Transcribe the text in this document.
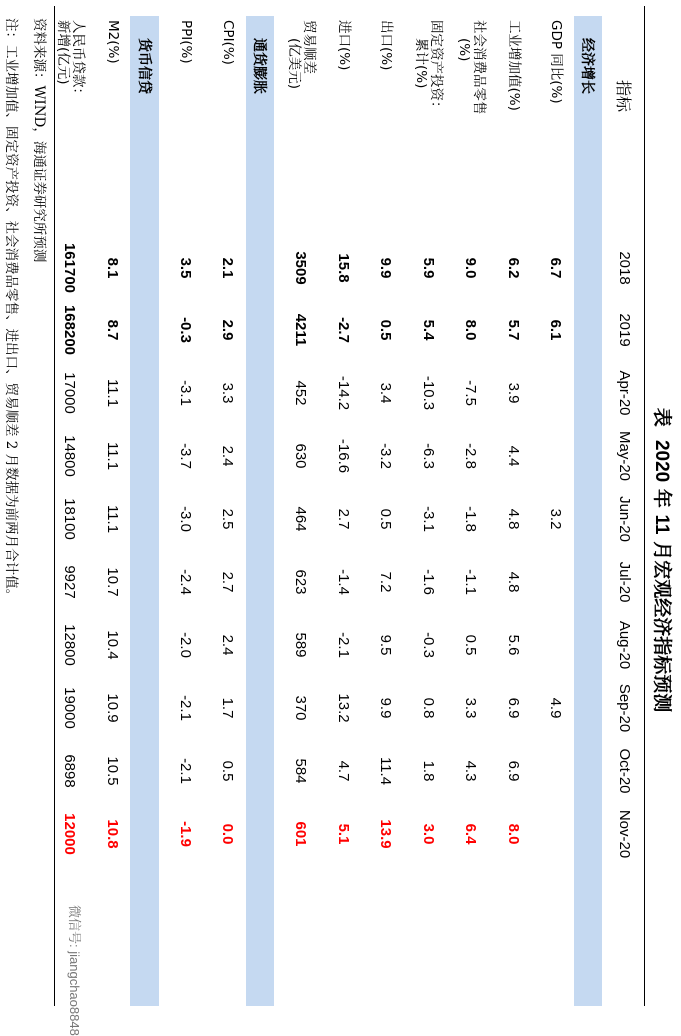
表  2020 年 11 月宏观经济指标预测
指标
2018
2019
Apr-20
May-20
Jun-20
Jul-20
Aug-20
Sep-20
Oct-20
Nov-20
经济增长
GDP 同比(%)
6.7
6.1
3.2
4.9
工业增加值(%)
6.2
5.7
3.9
4.4
4.8
4.8
5.6
6.9
6.9
8.0
社会消费品零售
(%)
9.0
8.0
-7.5
-2.8
-1.8
-1.1
0.5
3.3
4.3
6.4
固定资产投资：
累计(%)
5.9
5.4
-10.3
-6.3
-3.1
-1.6
-0.3
0.8
1.8
3.0
出口(%)
9.9
0.5
3.4
-3.2
0.5
7.2
9.5
9.9
11.4
13.9
进口(%)
15.8
-2.7
-14.2
-16.6
2.7
-1.4
-2.1
13.2
4.7
5.1
贸易顺差
(亿美元)
3509
4211
452
630
464
623
589
370
584
601
通货膨胀
CPI(%)
2.1
2.9
3.3
2.4
2.5
2.7
2.4
1.7
0.5
0.0
PPI(%)
3.5
-0.3
-3.1
-3.7
-3.0
-2.4
-2.0
-2.1
-2.1
-1.9
货币信贷
M2(%)
8.1
8.7
11.1
11.1
11.1
10.7
10.4
10.9
10.5
10.8
人民币贷款：
新增(亿元)
161700
168200
17000
14800
18100
9927
12800
19000
6898
12000
资料来源：WIND，海通证券研究所预测
注：工业增加值、固定资产投资、社会消费品零售、进出口、贸易顺差 2 月数据为前两月合计值。
微信号: jiangchao8848
